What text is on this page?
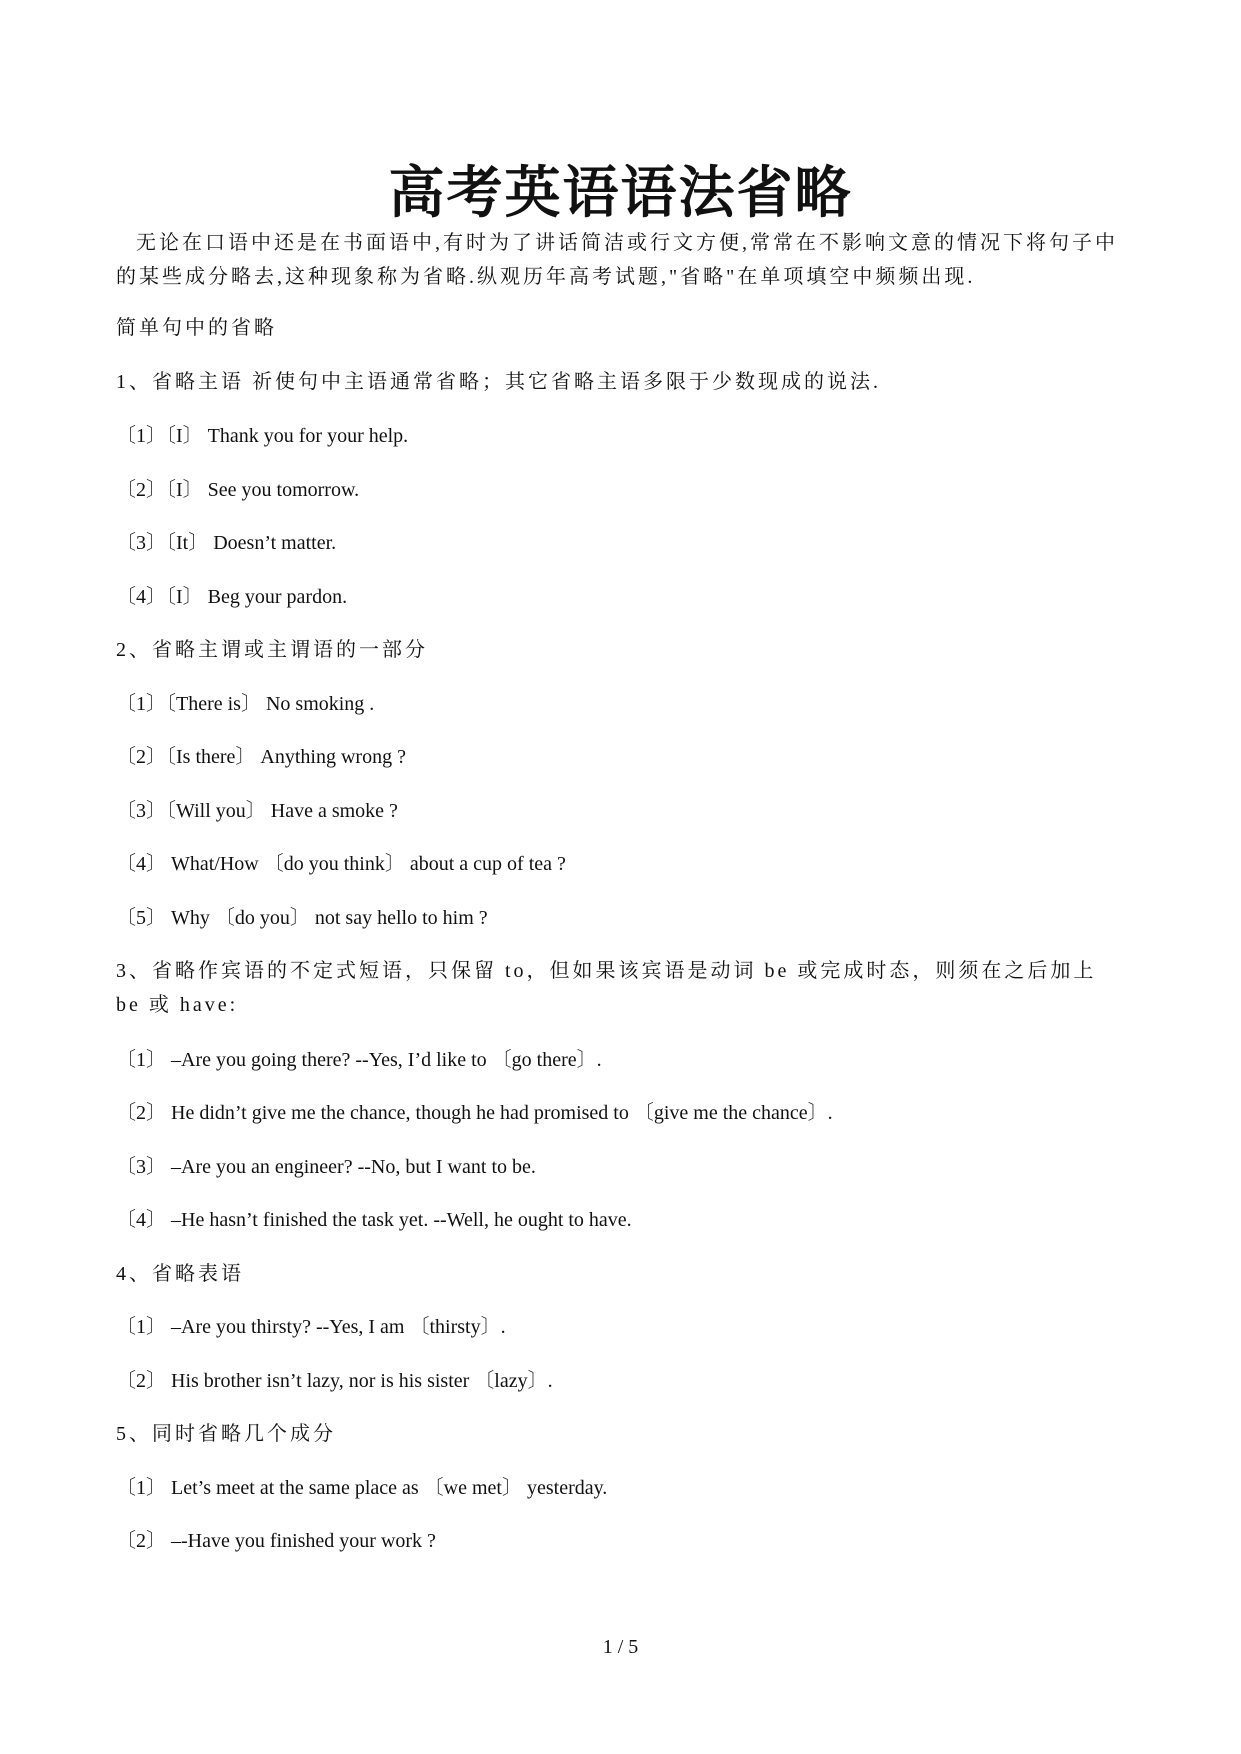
高考英语语法省略
无论在口语中还是在书面语中,有时为了讲话简洁或行文方便,常常在不影响文意的情况下将句子中的某些成分略去,这种现象称为省略.纵观历年高考试题,"省略"在单项填空中频频出现.
简单句中的省略
1、省略主语 祈使句中主语通常省略；其它省略主语多限于少数现成的说法.
〔1〕〔I〕 Thank you for your help.
〔2〕〔I〕 See you tomorrow.
〔3〕〔It〕 Doesn’t matter.
〔4〕〔I〕 Beg your pardon.
2、省略主谓或主谓语的一部分
〔1〕〔There is〕 No smoking .
〔2〕〔Is there〕 Anything wrong ?
〔3〕〔Will you〕 Have a smoke ?
〔4〕 What/How 〔do you think〕 about a cup of tea ?
〔5〕 Why 〔do you〕 not say hello to him ?
3、省略作宾语的不定式短语，只保留 to，但如果该宾语是动词 be 或完成时态，则须在之后加上 be 或 have:
〔1〕 –Are you going there? --Yes, I’d like to 〔go there〕.
〔2〕 He didn’t give me the chance, though he had promised to 〔give me the chance〕.
〔3〕 –Are you an engineer? --No, but I want to be.
〔4〕 –He hasn’t finished the task yet. --Well, he ought to have.
4、省略表语
〔1〕 –Are you thirsty? --Yes, I am 〔thirsty〕.
〔2〕 His brother isn’t lazy, nor is his sister 〔lazy〕.
5、同时省略几个成分
〔1〕 Let’s meet at the same place as 〔we met〕 yesterday.
〔2〕 –-Have you finished your work ?
1 / 5
